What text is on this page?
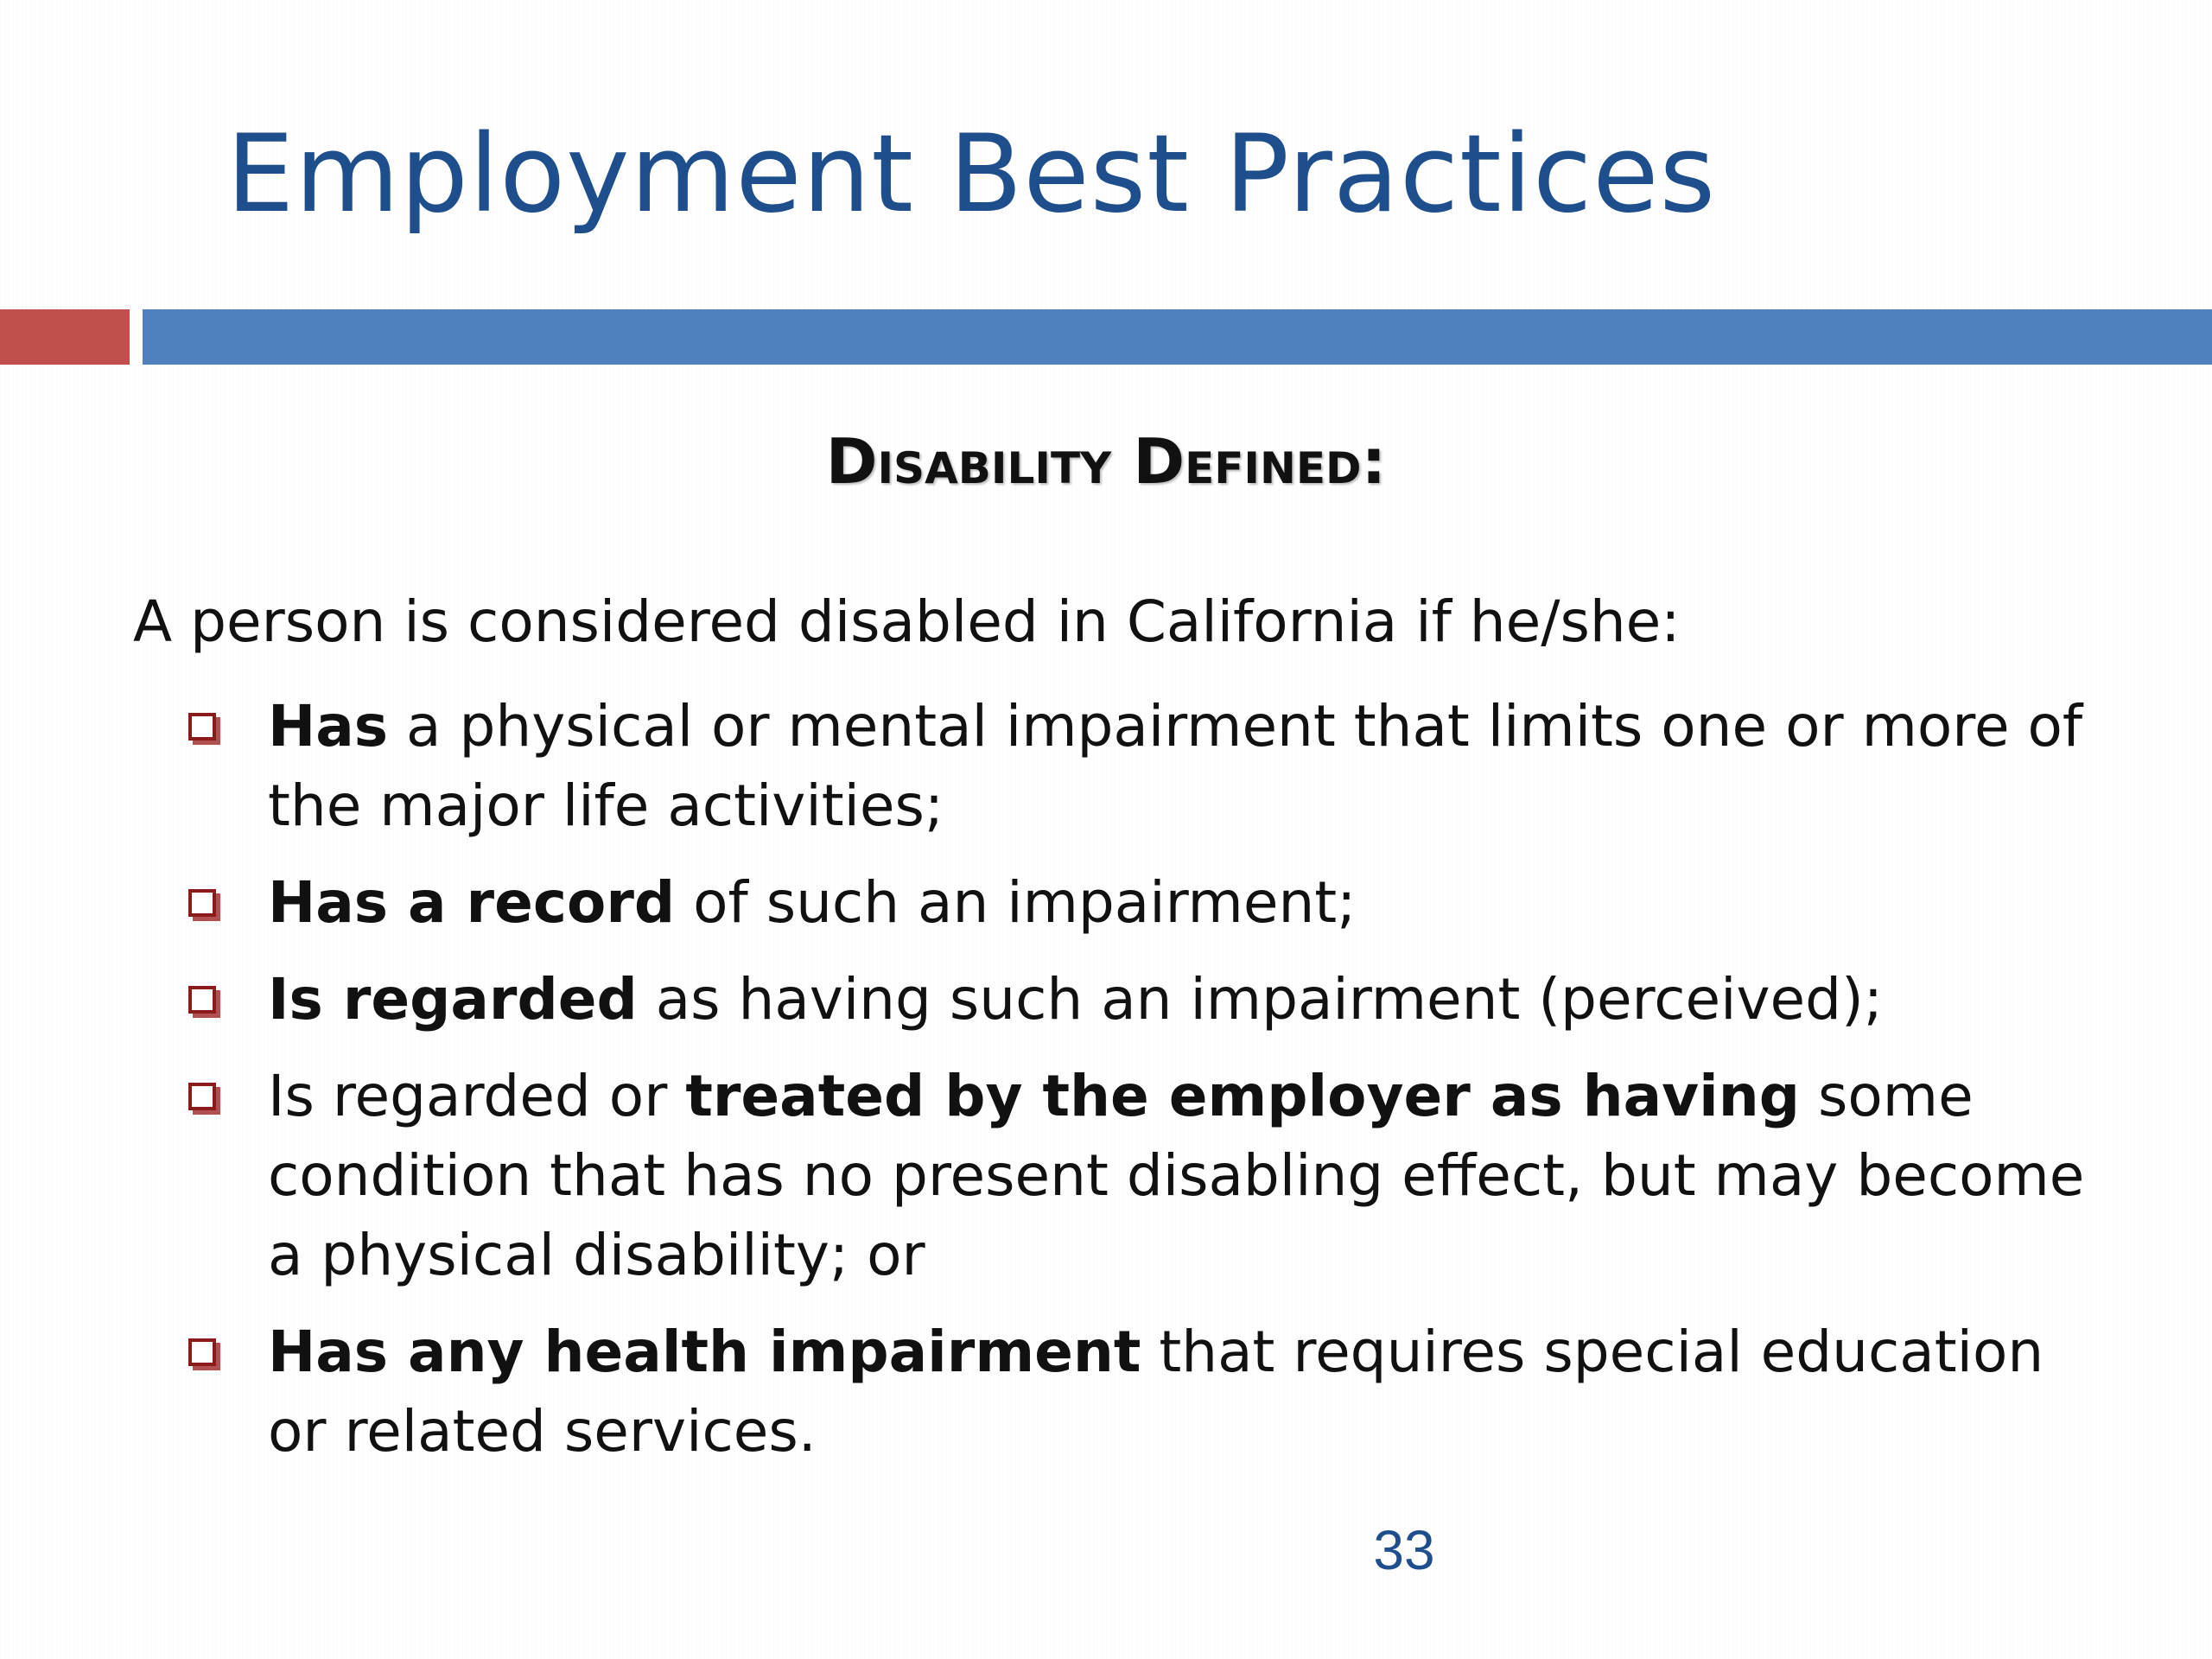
Employment Best Practices
Disability Defined:

A person is considered disabled in California if he/she:

Has a physical or mental impairment that limits one or more of the major life activities;
Has a record of such an impairment;
Is regarded as having such an impairment (perceived);
Is regarded or treated by the employer as having some condition that has no present disabling effect, but may become a physical disability; or
Has any health impairment that requires special education or related services.
33
